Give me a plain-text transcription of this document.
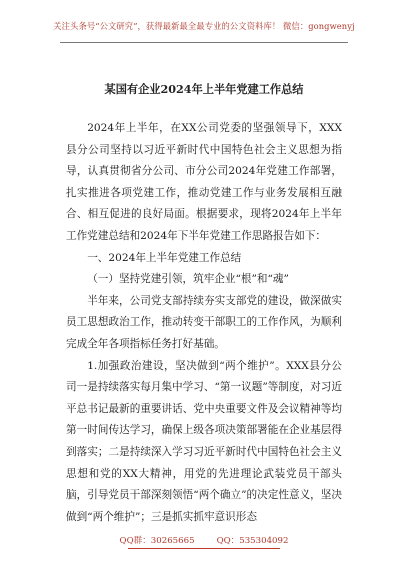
关注头条号“公文研究”，获得最新最全最专业的公文资料库！ 微信：gongwenyj
某国有企业2024年上半年党建工作总结

2024年上半年，在XX公司党委的坚强领导下，XXX县分公司坚持以习近平新时代中国特色社会主义思想为指导，认真贯彻省分公司、市分公司2024年党建工作部署，扎实推进各项党建工作，推动党建工作与业务发展相互融合、相互促进的良好局面。根据要求，现将2024年上半年工作党建总结和2024年下半年党建工作思路报告如下：

一、2024年上半年党建工作总结

（一）坚持党建引领，筑牢企业“根”和“魂”

半年来，公司党支部持续夯实支部党的建设，做深做实员工思想政治工作，推动转变干部职工的工作作风，为顺利完成全年各项指标任务打好基础。

1.加强政治建设，坚决做到“两个维护”。XXX县分公司一是持续落实每月集中学习、“第一议题”等制度，对习近平总书记最新的重要讲话、党中央重要文件及会议精神等均第一时间传达学习，确保上级各项决策部署能在企业基层得到落实；二是持续深入学习习近平新时代中国特色社会主义思想和党的XX大精神，用党的先进理论武装党员干部头脑，引导党员干部深刻领悟“两个确立”的决定性意义，坚决做到“两个维护”；三是抓实抓牢意识形态

QQ群：30265665	QQ：535304092
